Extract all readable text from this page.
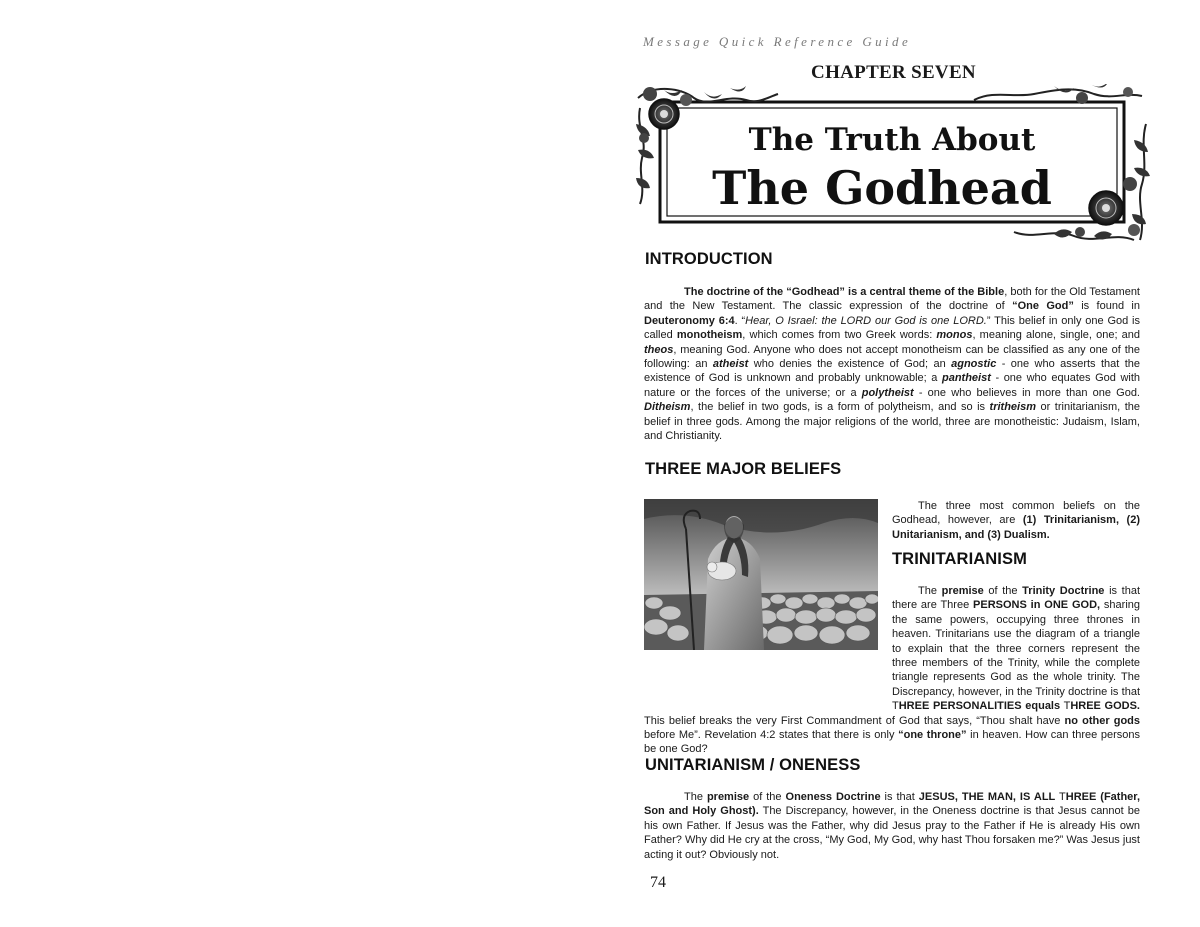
Message Quick Reference Guide
CHAPTER SEVEN
The Truth About
The Godhead
INTRODUCTION

The doctrine of the “Godhead” is a central theme of the Bible, both for the Old Testament and the New Testament. The classic expression of the doctrine of “One God” is found in Deuteronomy 6:4. “Hear, O Israel: the LORD our God is one LORD.” This belief in only one God is called monotheism, which comes from two Greek words: monos, meaning alone, single, one; and theos, meaning God. Anyone who does not accept monotheism can be classified as any one of the following: an atheist who denies the existence of God; an agnostic - one who asserts that the existence of God is unknown and probably unknowable; a pantheist - one who equates God with nature or the forces of the universe; or a polytheist - one who believes in more than one God. Ditheism, the belief in two gods, is a form of polytheism, and so is tritheism or trinitarianism, the belief in three gods. Among the major religions of the world, three are monotheistic: Judaism, Islam, and Christianity.

THREE MAJOR BELIEFS

The three most common beliefs on the Godhead, however, are (1) Trinitarianism, (2) Unitarianism, and (3) Dualism.

TRINITARIANISM

The premise of the Trinity Doctrine is that there are Three PERSONS in ONE GOD, sharing the same powers, occupying three thrones in heaven. Trinitarians use the diagram of a triangle to explain that the three corners represent the three members of the Trinity, while the complete triangle represents God as the whole trinity. The Discrepancy, however, in the Trinity doctrine is that THREE PERSONALITIES equals THREE GODS. This belief breaks the very First Commandment of God that says, “Thou shalt have no other gods before Me”. Revelation 4:2 states that there is only “one throne” in heaven. How can three persons be one God?

UNITARIANISM / ONENESS

The premise of the Oneness Doctrine is that JESUS, THE MAN, IS ALL THREE (Father, Son and Holy Ghost). The Discrepancy, however, in the Oneness doctrine is that Jesus cannot be his own Father. If Jesus was the Father, why did Jesus pray to the Father if He is already His own Father? Why did He cry at the cross, “My God, My God, why hast Thou forsaken me?” Was Jesus just acting it out? Obviously not.

74
